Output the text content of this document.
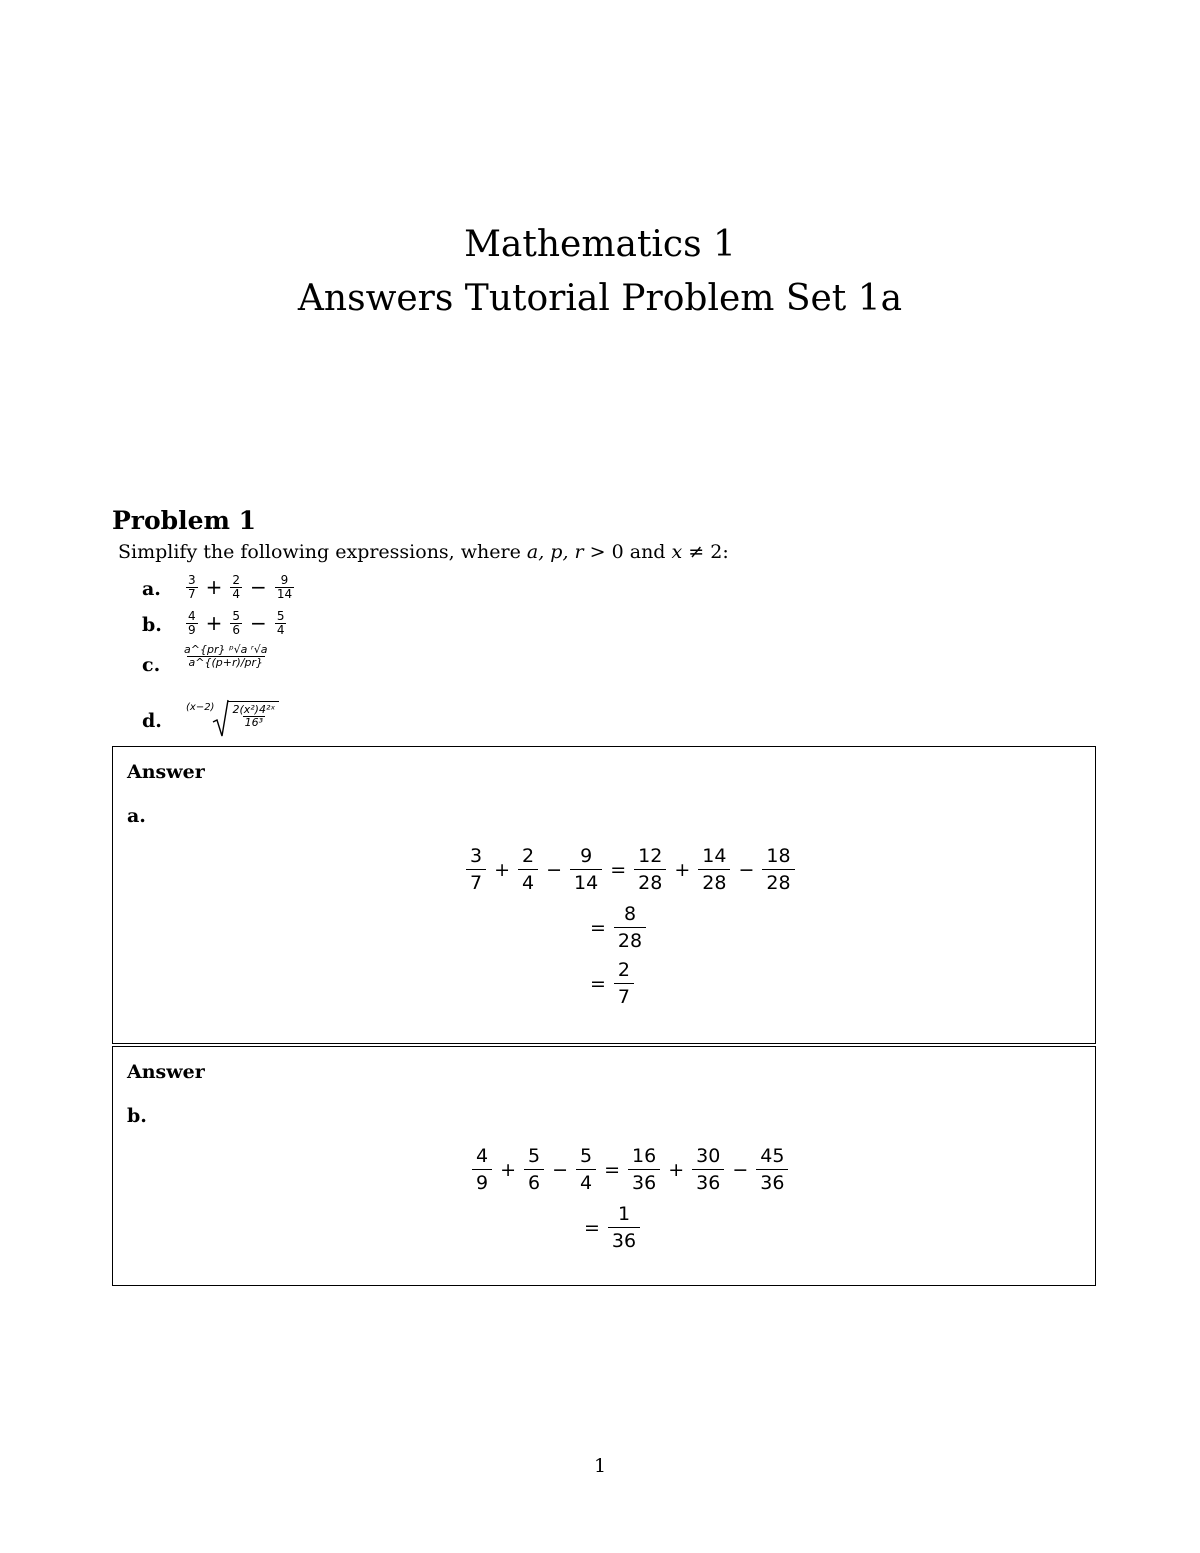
Mathematics 1
Answers Tutorial Problem Set 1a
Problem 1
Simplify the following expressions, where a, p, r > 0 and x ≠ 2:
a. $\frac{3}{7} + \frac{2}{4} - \frac{9}{14}$
b. $\frac{4}{9} + \frac{5}{6} - \frac{5}{4}$
c. $\frac{\text{a\textasciicircum{}\{pr\} ᵖ√a ʳ√a}}{a\^{}\{(p+r)/pr\}}$
d.
$(x-2) \frac{\text{2(x²)4²ˣ}}{\text{16³}}$
Answer
a.
$\frac{3}{7} + \frac{2}{4} - \frac{9}{14} = \frac{12}{28} + \frac{14}{28} - \frac{18}{28}$
= $\frac{8}{28}$
= $\frac{2}{7}$
Answer
b.
$\frac{4}{9} + \frac{5}{6} - \frac{5}{4} = \frac{16}{36} + \frac{30}{36} - \frac{45}{36}$
= $\frac{1}{36}$
1
